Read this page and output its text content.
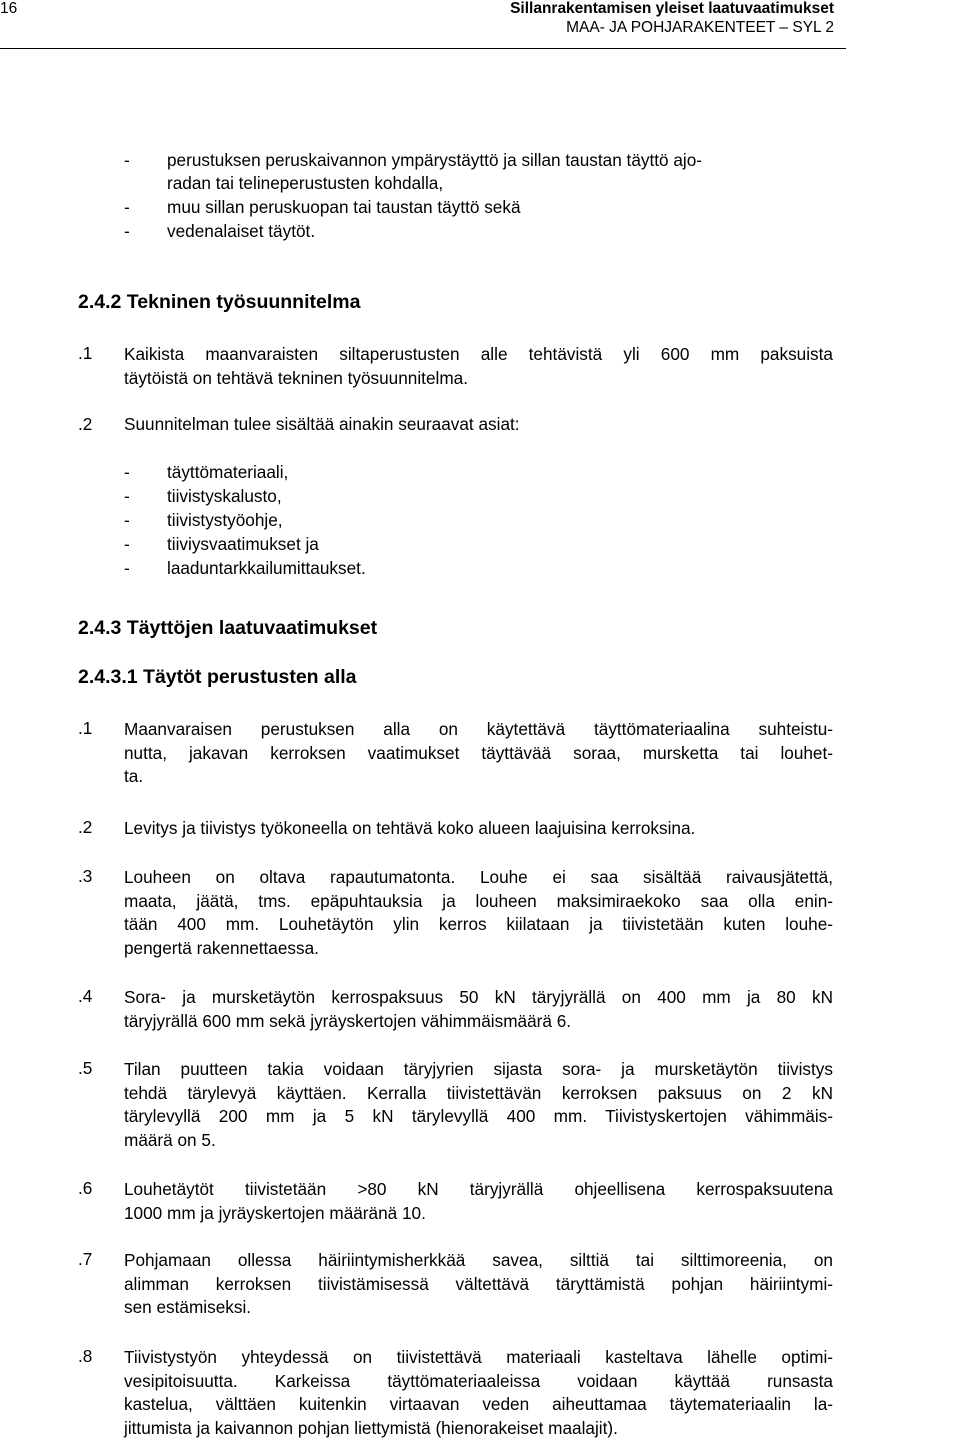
16	Sillanrakentamisen yleiset laatuvaatimukset
MAA- JA POHJARAKENTEET – SYL 2
- perustuksen peruskaivannon ympärystäyttö ja sillan taustan täyttö ajo-
radan tai telineperustusten kohdalla,
- muu sillan peruskuopan tai taustan täyttö sekä
- vedenalaiset täytöt.
2.4.2 Tekninen työsuunnitelma
.1 Kaikista maanvaraisten siltaperustusten alle tehtävistä yli 600 mm paksuista
täytöistä on tehtävä tekninen työsuunnitelma.
.2 Suunnitelman tulee sisältää ainakin seuraavat asiat:
- täyttömateriaali,
- tiivistyskalusto,
- tiivistystyöohje,
- tiiviysvaatimukset ja
- laaduntarkkailumittaukset.
2.4.3 Täyttöjen laatuvaatimukset
2.4.3.1 Täytöt perustusten alla
.1 Maanvaraisen perustuksen alla on käytettävä täyttömateriaalina suhteistu-
nutta, jakavan kerroksen vaatimukset täyttävää soraa, mursketta tai louhet-
ta.
.2 Levitys ja tiivistys työkoneella on tehtävä koko alueen laajuisina kerroksina.
.3 Louheen on oltava rapautumatonta. Louhe ei saa sisältää raivausjätettä,
maata, jäätä, tms. epäpuhtauksia ja louheen maksimiraekoko saa olla enin-
tään 400 mm. Louhetäytön ylin kerros kiilataan ja tiivistetään kuten louhe-
pengertä rakennettaessa.
.4 Sora- ja mursketäytön kerrospaksuus 50 kN täryjyrällä on 400 mm ja 80 kN
täryjyrällä 600 mm sekä jyräyskertojen vähimmäismäärä 6.
.5 Tilan puutteen takia voidaan täryjyrien sijasta sora- ja mursketäytön tiivistys
tehdä tärylevyä käyttäen. Kerralla tiivistettävän kerroksen paksuus on 2 kN
tärylevyllä 200 mm ja 5 kN tärylevyllä 400 mm. Tiivistyskertojen vähimmäis-
määrä on 5.
.6 Louhetäytöt tiivistetään >80 kN täryjyrällä ohjeellisena kerrospaksuutena
1000 mm ja jyräyskertojen määränä 10.
.7 Pohjamaan ollessa häiriintymisherkkää savea, silttiä tai silttimoreenia, on
alimman kerroksen tiivistämisessä vältettävä täryttämistä pohjan häiriintymi-
sen estämiseksi.
.8 Tiivistystyön yhteydessä on tiivistettävä materiaali kasteltava lähelle optimi-
vesipitoisuutta. Karkeissa täyttömateriaaleissa voidaan käyttää runsasta
kastelua, välttäen kuitenkin virtaavan veden aiheuttamaa täytemateriaalin la-
jittumista ja kaivannon pohjan liettymistä (hienorakeiset maalajit).
